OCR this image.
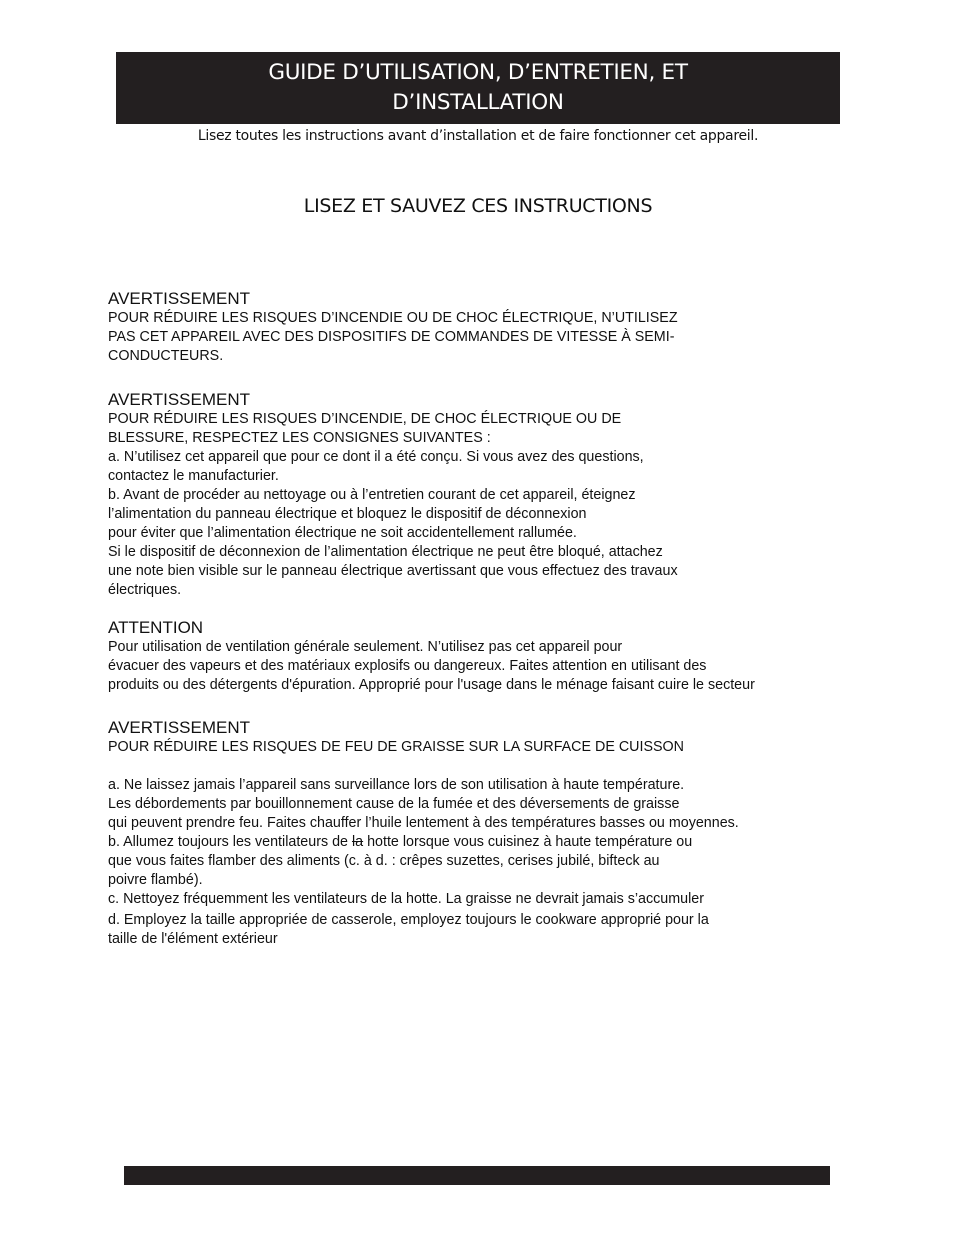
GUIDE D’UTILISATION, D’ENTRETIEN, ET
D’INSTALLATION
Lisez toutes les instructions avant d’installation et de faire fonctionner cet appareil.
LISEZ ET SAUVEZ CES INSTRUCTIONS
AVERTISSEMENT
POUR RÉDUIRE LES RISQUES D’INCENDIE OU DE CHOC ÉLECTRIQUE, N’UTILISEZ
PAS CET APPAREIL AVEC DES DISPOSITIFS DE COMMANDES DE VITESSE À SEMI-
CONDUCTEURS.
AVERTISSEMENT
POUR RÉDUIRE LES RISQUES D’INCENDIE, DE CHOC ÉLECTRIQUE OU DE
BLESSURE, RESPECTEZ LES CONSIGNES SUIVANTES :
a. N’utilisez cet appareil que pour ce dont il a été conçu. Si vous avez des questions,
contactez le manufacturier.
b. Avant de procéder au nettoyage ou à l’entretien courant de cet appareil, éteignez
l’alimentation du panneau électrique et bloquez le dispositif de déconnexion
pour éviter que l’alimentation électrique ne soit accidentellement rallumée.
Si le dispositif de déconnexion de l’alimentation électrique ne peut être bloqué, attachez
une note bien visible sur le panneau électrique avertissant que vous effectuez des travaux
électriques.
ATTENTION
Pour utilisation de ventilation générale seulement. N’utilisez pas cet appareil pour
évacuer des vapeurs et des matériaux explosifs ou dangereux. Faites attention en utilisant des
produits ou des détergents d'épuration. Approprié pour l'usage dans le ménage faisant cuire le secteur
AVERTISSEMENT
POUR RÉDUIRE LES RISQUES DE FEU DE GRAISSE SUR LA SURFACE DE CUISSON
a. Ne laissez jamais l’appareil sans surveillance lors de son utilisation à haute température.
Les débordements par bouillonnement cause de la fumée et des déversements de graisse
qui peuvent prendre feu. Faites chauffer l’huile lentement à des températures basses ou moyennes.
b. Allumez toujours les ventilateurs de la hotte lorsque vous cuisinez à haute température ou
que vous faites flamber des aliments (c. à d. : crêpes suzettes, cerises jubilé, bifteck au
poivre flambé).
c. Nettoyez fréquemment les ventilateurs de la hotte. La graisse ne devrait jamais s’accumuler
d. Employez la taille appropriée de casserole, employez toujours le cookware approprié pour la
taille de l'élément extérieur
